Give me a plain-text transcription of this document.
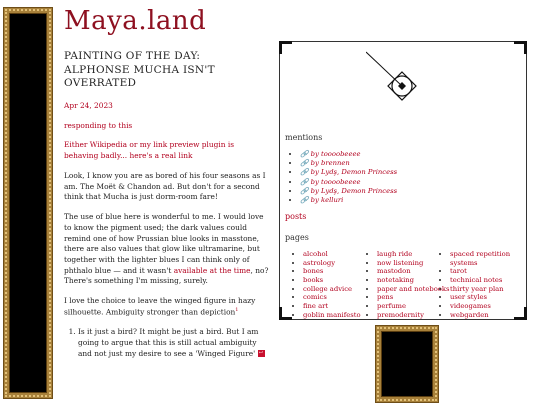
Maya.land
PAINTING OF THE DAY: ALPHONSE MUCHA ISN'T OVERRATED

Apr 24, 2023

responding to this

Either Wikipedia or my link preview plugin is behaving badly... here's a real link

Look, I know you are as bored of his four seasons as I am. The Moët & Chandon ad. But don't for a second think that Mucha is just dorm-room fare!

The use of blue here is wonderful to me. I would love to know the pigment used; the dark values could remind one of how Prussian blue looks in masstone, there are also values that glow like ultramarine, but together with the lighter blues I can think only of phthalo blue — and it wasn't available at the time, no? There's something I'm missing, surely.

I love the choice to leave the winged figure in hazy silhouette. Ambiguity stronger than depiction$^1$

1. Is it just a bird? It might be just a bird. But I am going to argue that this is still actual ambiguity and not just my desire to see a 'Winged Figure' ↩
mentions
• 🔗 by toooobeeee
• 🔗 by brennen
• 🔗 by Lydş, Demon Princess
• 🔗 by toooobeeee
• 🔗 by Lydş, Demon Princess
• 🔗 by kelluri
posts
pages
• alcohol
• astrology
• bones
• books
• college advice
• comics
• fine art
• goblin manifesto
• laugh ride
• now listening
• mastodon
• notetaking
• paper and notebooks
• pens
• perfume
• premodernity
• spaced repetition systems
• tarot
• technical notes
• thirty year plan
• user styles
• videogames
• webgarden
